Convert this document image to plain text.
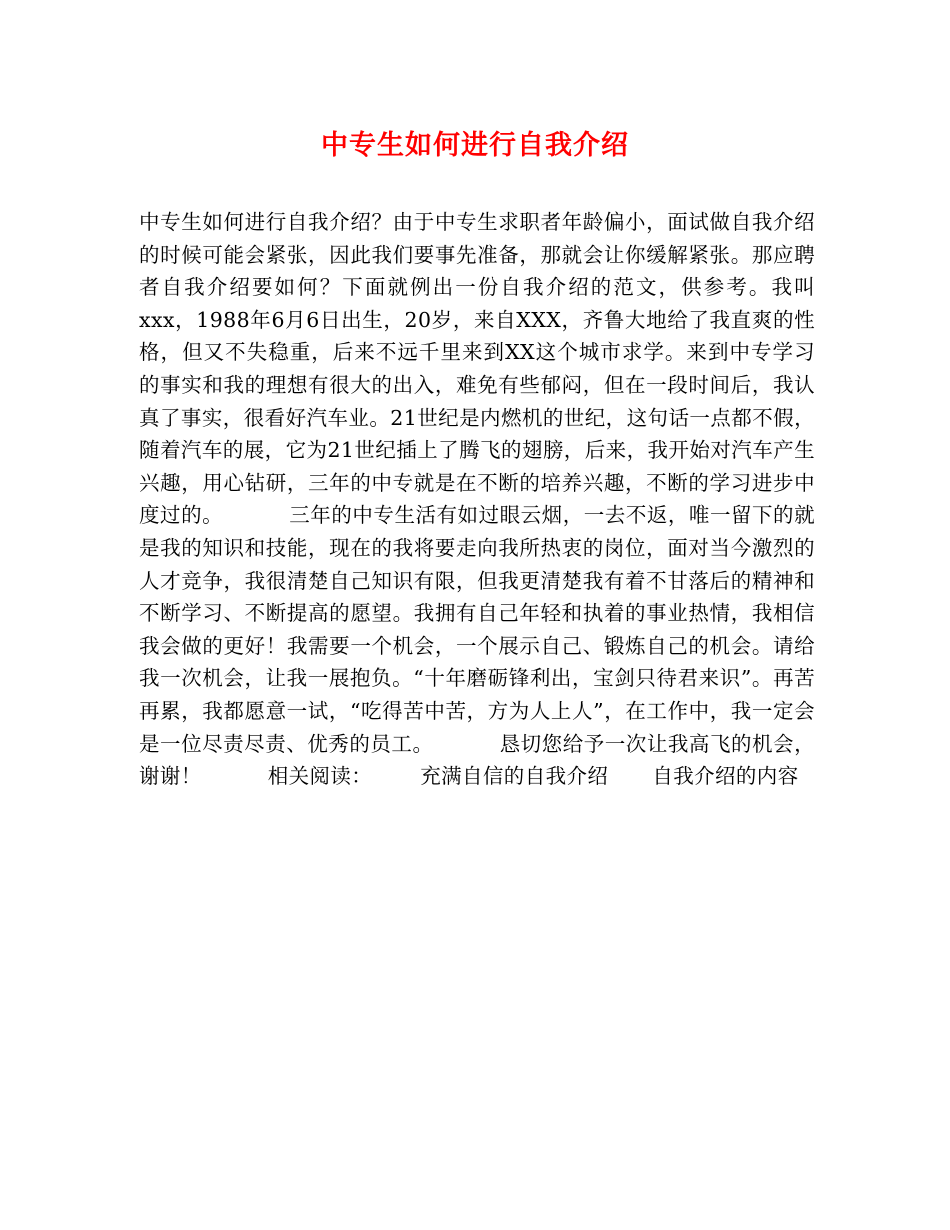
中专生如何进行自我介绍

中专生如何进行自我介绍？由于中专生求职者年龄偏小，面试做自我介绍的时候可能会紧张，因此我们要事先准备，那就会让你缓解紧张。那应聘者自我介绍要如何？下面就例出一份自我介绍的范文，供参考。我叫xxx，1988年6月6日出生，20岁，来自XXX，齐鲁大地给了我直爽的性格，但又不失稳重，后来不远千里来到XX这个城市求学。来到中专学习的事实和我的理想有很大的出入，难免有些郁闷，但在一段时间后，我认真了事实，很看好汽车业。21世纪是内燃机的世纪，这句话一点都不假，随着汽车的展，它为21世纪插上了腾飞的翅膀，后来，我开始对汽车产生兴趣，用心钻研，三年的中专就是在不断的培养兴趣，不断的学习进步中度过的。	三年的中专生活有如过眼云烟，一去不返，唯一留下的就是我的知识和技能，现在的我将要走向我所热衷的岗位，面对当今激烈的人才竞争，我很清楚自己知识有限，但我更清楚我有着不甘落后的精神和不断学习、不断提高的愿望。我拥有自己年轻和执着的事业热情，我相信我会做的更好！我需要一个机会，一个展示自己、锻炼自己的机会。请给我一次机会，让我一展抱负。“十年磨砺锋利出，宝剑只待君来识”。再苦再累，我都愿意一试，“吃得苦中苦，方为人上人”，在工作中，我一定会是一位尽责尽责、优秀的员工。	恳切您给予一次让我高飞的机会，谢谢！	相关阅读： 充满自信的自我介绍 自我介绍的内容
